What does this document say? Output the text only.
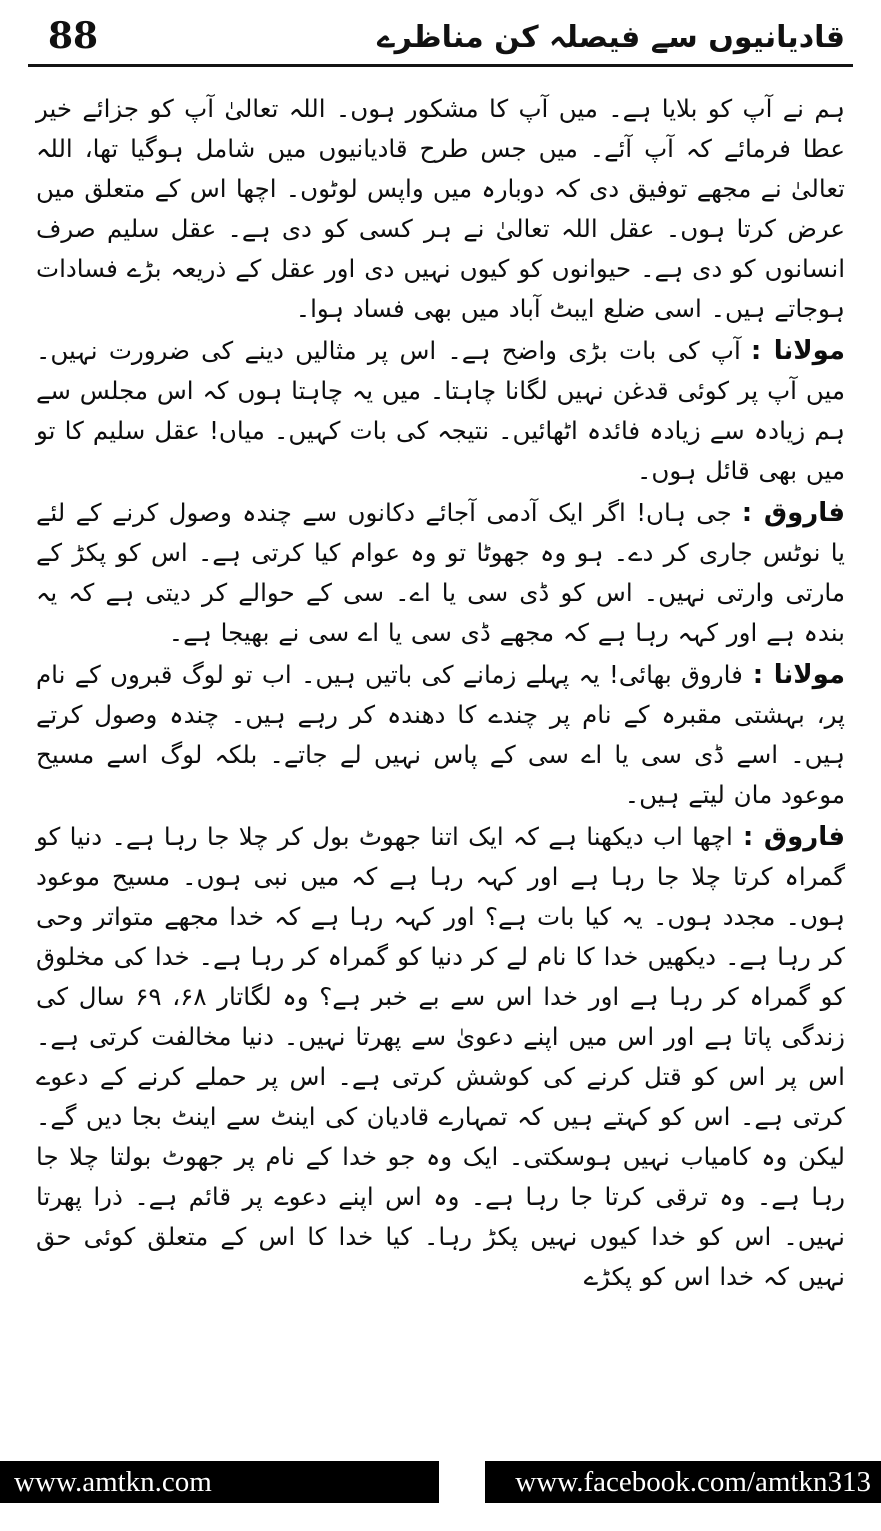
88	قادیانیوں سے فیصلہ کن مناظرے

ہم نے آپ کو بلایا ہے۔ میں آپ کا مشکور ہوں۔ اللہ تعالیٰ آپ کو جزائے خیر عطا فرمائے کہ آپ آئے۔ میں جس طرح قادیانیوں میں شامل ہوگیا تھا، اللہ تعالیٰ نے مجھے توفیق دی کہ دوبارہ میں واپس لوٹوں۔ اچھا اس کے متعلق میں عرض کرتا ہوں۔ عقل اللہ تعالیٰ نے ہر کسی کو دی ہے۔ عقل سلیم صرف انسانوں کو دی ہے۔ حیوانوں کو کیوں نہیں دی اور عقل کے ذریعہ بڑے فسادات ہوجاتے ہیں۔ اسی ضلع ایبٹ آباد میں بھی فساد ہوا۔

مولانا :آپ کی بات بڑی واضح ہے۔ اس پر مثالیں دینے کی ضرورت نہیں۔ میں آپ پر کوئی قدغن نہیں لگانا چاہتا۔ میں یہ چاہتا ہوں کہ اس مجلس سے ہم زیادہ سے زیادہ فائدہ اٹھائیں۔ نتیجہ کی بات کہیں۔ میاں! عقل سلیم کا تو میں بھی قائل ہوں۔

فاروق :جی ہاں! اگر ایک آدمی آجائے دکانوں سے چندہ وصول کرنے کے لئے یا نوٹس جاری کر دے۔ ہو وہ جھوٹا تو وہ عوام کیا کرتی ہے۔ اس کو پکڑ کے مارتی وارتی نہیں۔ اس کو ڈی سی یا اے۔ سی کے حوالے کر دیتی ہے کہ یہ بندہ ہے اور کہہ رہا ہے کہ مجھے ڈی سی یا اے سی نے بھیجا ہے۔

مولانا :فاروق بھائی! یہ پہلے زمانے کی باتیں ہیں۔ اب تو لوگ قبروں کے نام پر، بہشتی مقبرہ کے نام پر چندے کا دھندہ کر رہے ہیں۔ چندہ وصول کرتے ہیں۔ اسے ڈی سی یا اے سی کے پاس نہیں لے جاتے۔ بلکہ لوگ اسے مسیح موعود مان لیتے ہیں۔

فاروق :اچھا اب دیکھنا ہے کہ ایک اتنا جھوٹ بول کر چلا جا رہا ہے۔ دنیا کو گمراہ کرتا چلا جا رہا ہے اور کہہ رہا ہے کہ میں نبی ہوں۔ مسیح موعود ہوں۔ مجدد ہوں۔ یہ کیا بات ہے؟ اور کہہ رہا ہے کہ خدا مجھے متواتر وحی کر رہا ہے۔ دیکھیں خدا کا نام لے کر دنیا کو گمراہ کر رہا ہے۔ خدا کی مخلوق کو گمراہ کر رہا ہے اور خدا اس سے بے خبر ہے؟ وہ لگاتار ۶۸، ۶۹ سال کی زندگی پاتا ہے اور اس میں اپنے دعویٰ سے پھرتا نہیں۔ دنیا مخالفت کرتی ہے۔ اس پر اس کو قتل کرنے کی کوشش کرتی ہے۔ اس پر حملے کرنے کے دعوے کرتی ہے۔ اس کو کہتے ہیں کہ تمہارے قادیان کی اینٹ سے اینٹ بجا دیں گے۔ لیکن وہ کامیاب نہیں ہوسکتی۔ ایک وہ جو خدا کے نام پر جھوٹ بولتا چلا جا رہا ہے۔ وہ ترقی کرتا جا رہا ہے۔ وہ اس اپنے دعوے پر قائم ہے۔ ذرا پھرتا نہیں۔ اس کو خدا کیوں نہیں پکڑ رہا۔ کیا خدا کا اس کے متعلق کوئی حق نہیں کہ خدا اس کو پکڑے

www.amtkn.com	www.facebook.com/amtkn313
